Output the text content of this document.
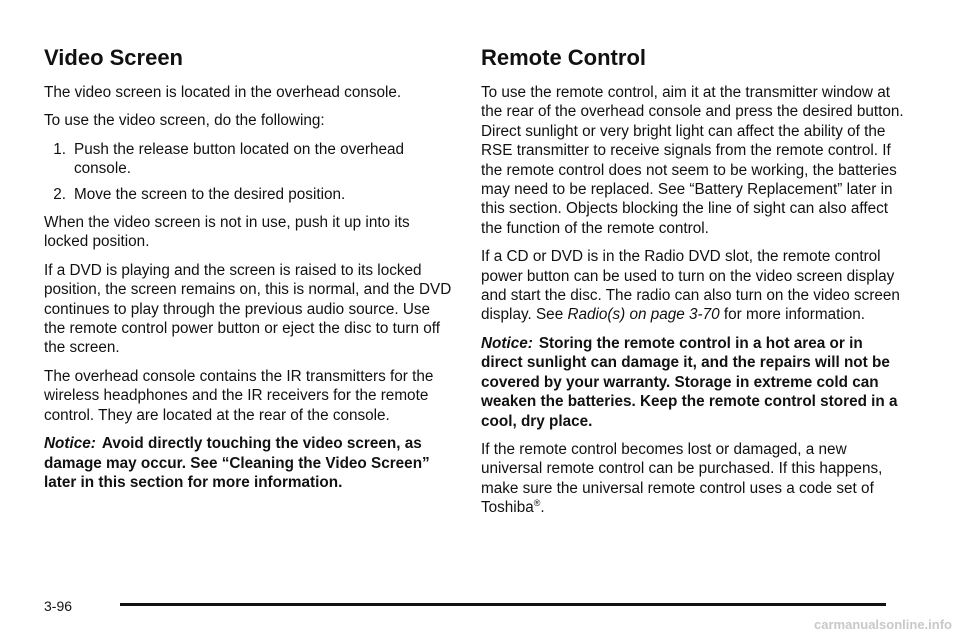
Video Screen

The video screen is located in the overhead console.

To use the video screen, do the following:

1. Push the release button located on the overhead console.
2. Move the screen to the desired position.

When the video screen is not in use, push it up into its locked position.

If a DVD is playing and the screen is raised to its locked position, the screen remains on, this is normal, and the DVD continues to play through the previous audio source. Use the remote control power button or eject the disc to turn off the screen.

The overhead console contains the IR transmitters for the wireless headphones and the IR receivers for the remote control. They are located at the rear of the console.

Notice: Avoid directly touching the video screen, as damage may occur. See “Cleaning the Video Screen” later in this section for more information.

Remote Control

To use the remote control, aim it at the transmitter window at the rear of the overhead console and press the desired button. Direct sunlight or very bright light can affect the ability of the RSE transmitter to receive signals from the remote control. If the remote control does not seem to be working, the batteries may need to be replaced. See “Battery Replacement” later in this section. Objects blocking the line of sight can also affect the function of the remote control.

If a CD or DVD is in the Radio DVD slot, the remote control power button can be used to turn on the video screen display and start the disc. The radio can also turn on the video screen display. See Radio(s) on page 3-70 for more information.

Notice: Storing the remote control in a hot area or in direct sunlight can damage it, and the repairs will not be covered by your warranty. Storage in extreme cold can weaken the batteries. Keep the remote control stored in a cool, dry place.

If the remote control becomes lost or damaged, a new universal remote control can be purchased. If this happens, make sure the universal remote control uses a code set of Toshiba®.

3-96
carmanualsonline.info
